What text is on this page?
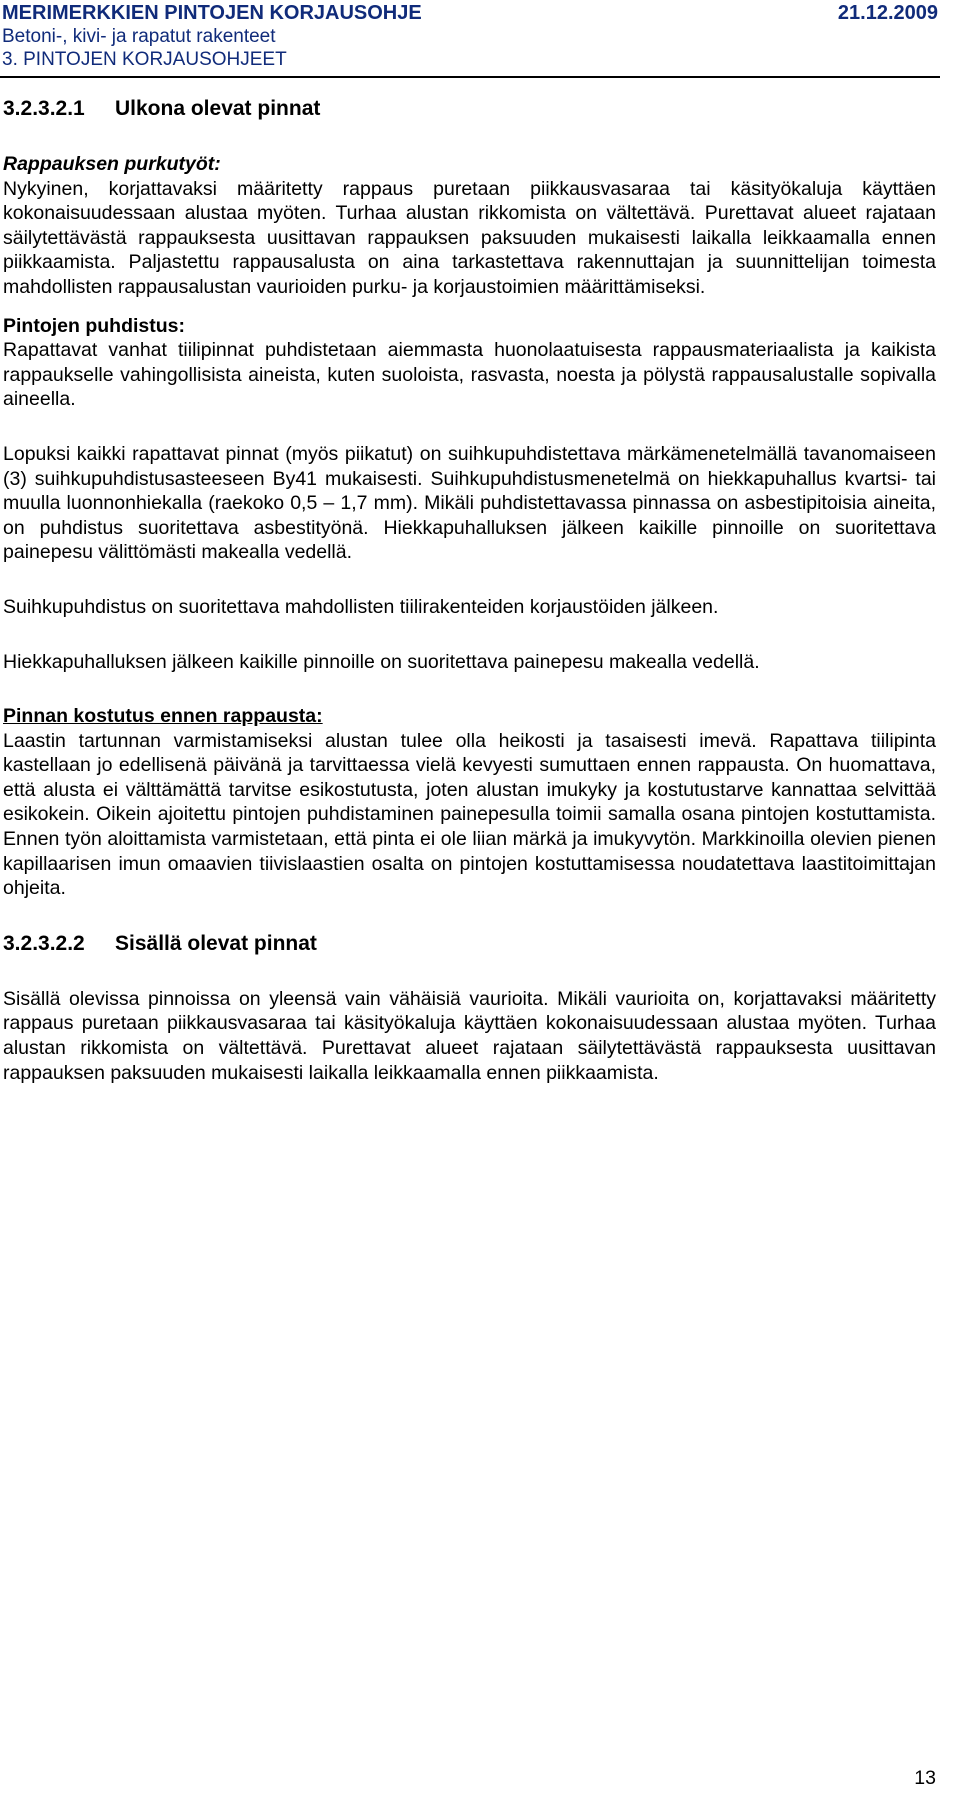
MERIMERKKIEN PINTOJEN KORJAUSOHJE	21.12.2009
Betoni-, kivi- ja rapatut rakenteet
3. PINTOJEN KORJAUSOHJEET
3.2.3.2.1 Ulkona olevat pinnat

Rappauksen purkutyöt:

Nykyinen, korjattavaksi määritetty rappaus puretaan piikkausvasaraa tai käsityökaluja käyttäen kokonaisuudessaan alustaa myöten. Turhaa alustan rikkomista on vältettävä. Purettavat alueet rajataan säilytettävästä rappauksesta uusittavan rappauksen paksuuden mukaisesti laikalla leikkaamalla ennen piikkaamista. Paljastettu rappausalusta on aina tarkastettava rakennuttajan ja suunnittelijan toimesta mahdollisten rappausalustan vaurioiden purku- ja korjaustoimien määrittämiseksi.

Pintojen puhdistus:

Rapattavat vanhat tiilipinnat puhdistetaan aiemmasta huonolaatuisesta rappausmateriaalista ja kaikista rappaukselle vahingollisista aineista, kuten suoloista, rasvasta, noesta ja pölystä rappausalustalle sopivalla aineella.

Lopuksi kaikki rapattavat pinnat (myös piikatut) on suihkupuhdistettava märkämenetelmällä tavanomaiseen (3) suihkupuhdistusasteeseen By41 mukaisesti. Suihkupuhdistusmenetelmä on hiekkapuhallus kvartsi- tai muulla luonnonhiekalla (raekoko 0,5 – 1,7 mm). Mikäli puhdistettavassa pinnassa on asbestipitoisia aineita, on puhdistus suoritettava asbestityönä. Hiekkapuhalluksen jälkeen kaikille pinnoille on suoritettava painepesu välittömästi makealla vedellä.

Suihkupuhdistus on suoritettava mahdollisten tiilirakenteiden korjaustöiden jälkeen.

Hiekkapuhalluksen jälkeen kaikille pinnoille on suoritettava painepesu makealla vedellä.

Pinnan kostutus ennen rappausta:

Laastin tartunnan varmistamiseksi alustan tulee olla heikosti ja tasaisesti imevä. Rapattava tiilipinta kastellaan jo edellisenä päivänä ja tarvittaessa vielä kevyesti sumuttaen ennen rappausta. On huomattava, että alusta ei välttämättä tarvitse esikostutusta, joten alustan imukyky ja kostutustarve kannattaa selvittää esikokein. Oikein ajoitettu pintojen puhdistaminen painepesulla toimii samalla osana pintojen kostuttamista. Ennen työn aloittamista varmistetaan, että pinta ei ole liian märkä ja imukyvytön. Markkinoilla olevien pienen kapillaarisen imun omaavien tiivislaastien osalta on pintojen kostuttamisessa noudatettava laastitoimittajan ohjeita.

3.2.3.2.2 Sisällä olevat pinnat

Sisällä olevissa pinnoissa on yleensä vain vähäisiä vaurioita. Mikäli vaurioita on, korjattavaksi määritetty rappaus puretaan piikkausvasaraa tai käsityökaluja käyttäen kokonaisuudessaan alustaa myöten. Turhaa alustan rikkomista on vältettävä. Purettavat alueet rajataan säilytettävästä rappauksesta uusittavan rappauksen paksuuden mukaisesti laikalla leikkaamalla ennen piikkaamista.

13
